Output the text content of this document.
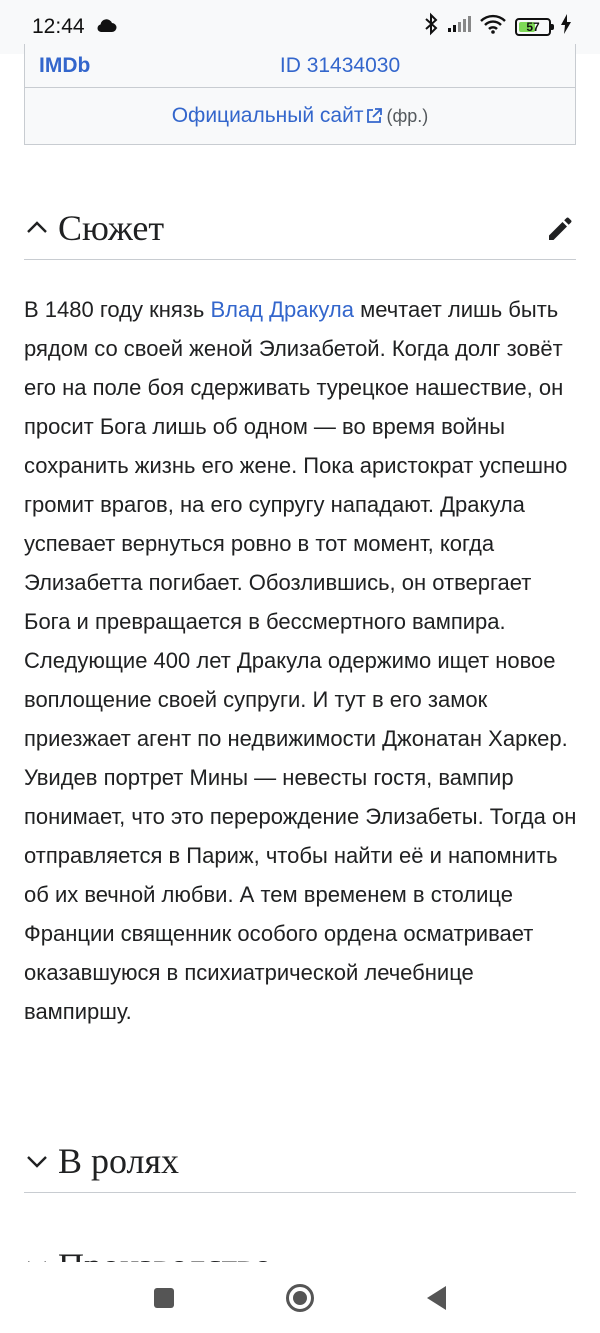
12:44	57
IMDb	ID 31434030
Официальный сайт (фр.)
Сюжет

В 1480 году князь Влад Дракула мечтает лишь быть рядом со своей женой Элизабетой. Когда долг зовёт его на поле боя сдерживать турецкое нашествие, он просит Бога лишь об одном — во время войны сохранить жизнь его жене. Пока аристократ успешно громит врагов, на его супругу нападают. Дракула успевает вернуться ровно в тот момент, когда Элизабетта погибает. Обозлившись, он отвергает Бога и превращается в бессмертного вампира. Следующие 400 лет Дракула одержимо ищет новое воплощение своей супруги. И тут в его замок приезжает агент по недвижимости Джонатан Харкер. Увидев портрет Мины — невесты гостя, вампир понимает, что это перерождение Элизабеты. Тогда он отправляется в Париж, чтобы найти её и напомнить об их вечной любви. А тем временем в столице Франции священник особого ордена осматривает оказавшуюся в психиатрической лечебнице вампиршу.

В ролях
